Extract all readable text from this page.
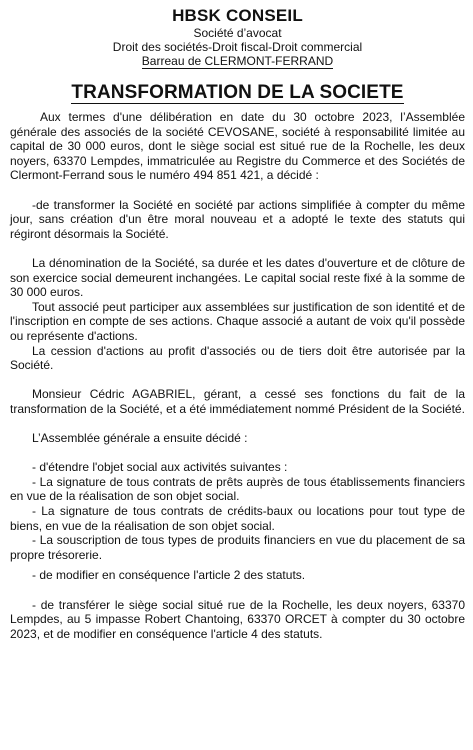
HBSK CONSEIL

Société d’avocat

Droit des sociétés-Droit fiscal-Droit commercial

Barreau de CLERMONT-FERRAND

TRANSFORMATION DE LA SOCIETE

Aux termes d'une délibération en date du 30 octobre 2023, l’Assemblée générale des associés de la société CEVOSANE, société à responsabilité limitée au capital de 30 000 euros, dont le siège social est situé rue de la Rochelle, les deux noyers, 63370 Lempdes, immatriculée au Registre du Commerce et des Sociétés de Clermont-Ferrand sous le numéro 494 851 421, a décidé :

-de transformer la Société en société par actions simplifiée à compter du même jour, sans création d'un être moral nouveau et a adopté le texte des statuts qui régiront désormais la Société.

La dénomination de la Société, sa durée et les dates d'ouverture et de clôture de son exercice social demeurent inchangées. Le capital social reste fixé à la somme de 30 000 euros.

Tout associé peut participer aux assemblées sur justification de son identité et de l'inscription en compte de ses actions. Chaque associé a autant de voix qu'il possède ou représente d'actions.

La cession d'actions au profit d'associés ou de tiers doit être autorisée par la Société.

Monsieur Cédric AGABRIEL, gérant, a cessé ses fonctions du fait de la transformation de la Société, et a été immédiatement nommé Président de la Société.

L’Assemblée générale a ensuite décidé :

- d'étendre l'objet social aux activités suivantes :

- La signature de tous contrats de prêts auprès de tous établissements financiers en vue de la réalisation de son objet social.

- La signature de tous contrats de crédits-baux ou locations pour tout type de biens, en vue de la réalisation de son objet social.

- La souscription de tous types de produits financiers en vue du placement de sa propre trésorerie.

- de modifier en conséquence l'article 2 des statuts.

- de transférer le siège social situé rue de la Rochelle, les deux noyers, 63370 Lempdes, au 5 impasse Robert Chantoing, 63370 ORCET à compter du 30 octobre 2023, et de modifier en conséquence l'article 4 des statuts.
